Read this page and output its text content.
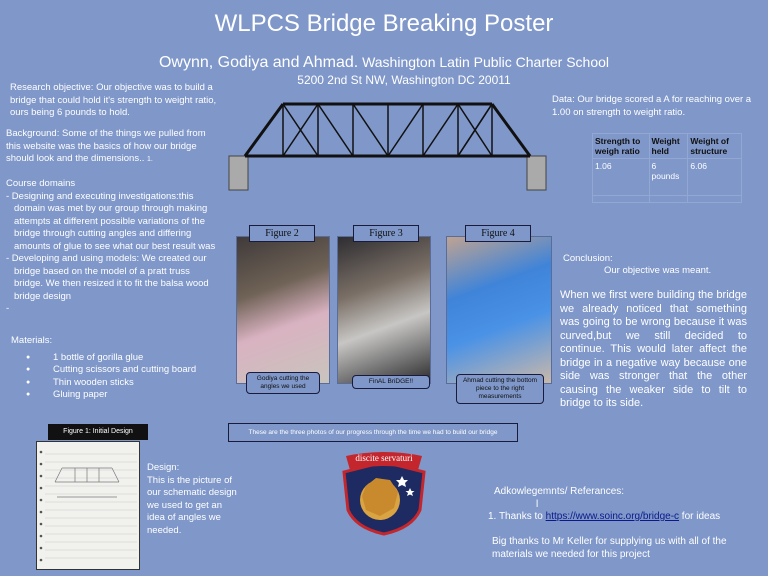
WLPCS Bridge Breaking Poster
Owynn, Godiya and Ahmad. Washington Latin Public Charter School
5200 2nd St NW, Washington DC 20011
Research objective: Our objective was to build a bridge that could hold it's strength to weight ratio, ours being 6 pounds to hold.
Background: Some of the things we pulled from this website was the basics of how our bridge should look and the dimensions.. 1.
Course domains
- Designing and executing investigations:this domain was met by our group through making attempts at different possible variations of the bridge through cutting angles and differing amounts of glue to see what our best result was
- Developing and using models: We created our bridge based on the model of a pratt truss bridge. We then resized it to fit the balsa wood bridge design
-
Materials:
● 1 bottle of gorilla glue
● Cutting scissors and cutting board
● Thin wooden sticks
● Gluing paper
Data: Our bridge scored a A for reaching over a 1.00 on strength to weight ratio.
Strength to weigh ratio	Weight held	Weight of structure
1.06	6 pounds	6.06

Figure 2	Figure 3	Figure 4
Godiya cutting the angles we used
FinAL BriDGE!!	Ahmad cutting the bottom piece to the right measurements
These are the three photos of our progress through the time we had to build our bridge
Conclusion:
Our objective was meant.
When we first were building the bridge we already noticed that something was going to be wrong because it was curved,but we still decided to continue. This would later affect the bridge in a negative way because one side was stronger that the other causing the weaker side to tilt to bridge to its side.
Figure 1: Initial Design
Design:
This is the picture of our schematic design we used to get an idea of angles we needed.
discite servaturi
Adkowlegemnts/ Referances:
l
1. Thanks to https://www.soinc.org/bridge-c for ideas
Big thanks to Mr Keller for supplying us with all of the materials we needed for this project
